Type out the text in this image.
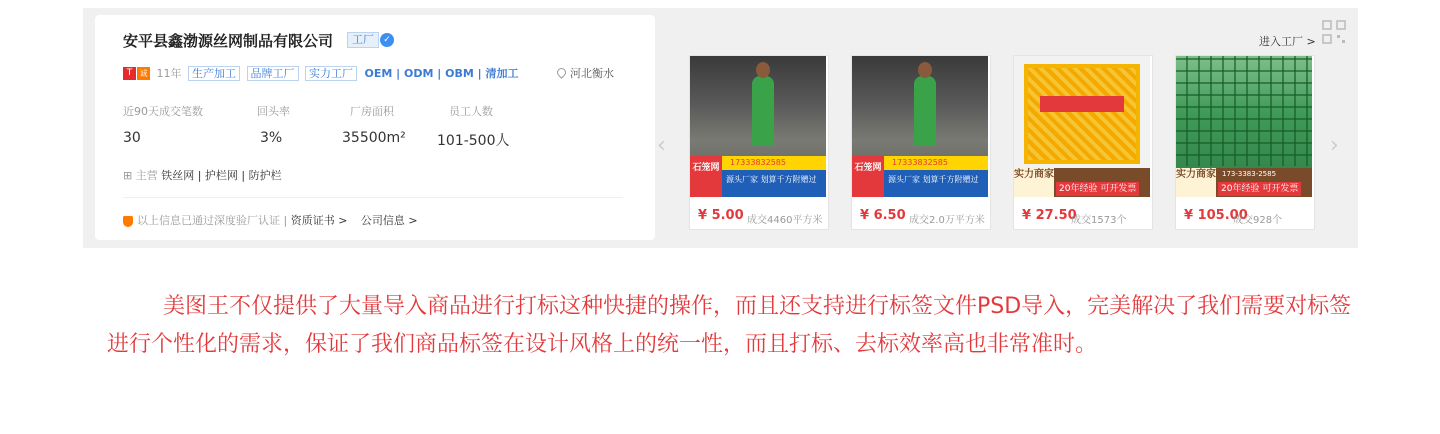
安平县鑫渤源丝网制品有限公司	工厂	✓
T 诚 11年 生产加工 品牌工厂 实力工厂 OEM | ODM | OBM | 清加工	河北衡水
近90天成交笔数	回头率	厂房面积	员工人数
30	3%	35500m² 101-500人
⊞ 主营 铁丝网 | 护栏网 | 防护栏
以上信息已通过深度验厂认证 | 资质证书 > 公司信息 >
进入工厂 >
‹	›
17333832585
石笼网
源头厂家 划算千方附赠过
¥ 5.00 成交4460平方米
17333832585
石笼网
源头厂家 划算千方附赠过
¥ 6.50 成交2.0万平方米
实力商家
20年经验 可开发票
¥ 27.50
成交1573个
实力商家 173-3383-2585
20年经验 可开发票
¥ 105.00
成交928个
美图王不仅提供了大量导入商品进行打标这种快捷的操作，而且还支持进行标签文件PSD导入，完美解决了我们需要对标签进行个性化的需求，保证了我们商品标签在设计风格上的统一性，而且打标、去标效率高也非常准时。
